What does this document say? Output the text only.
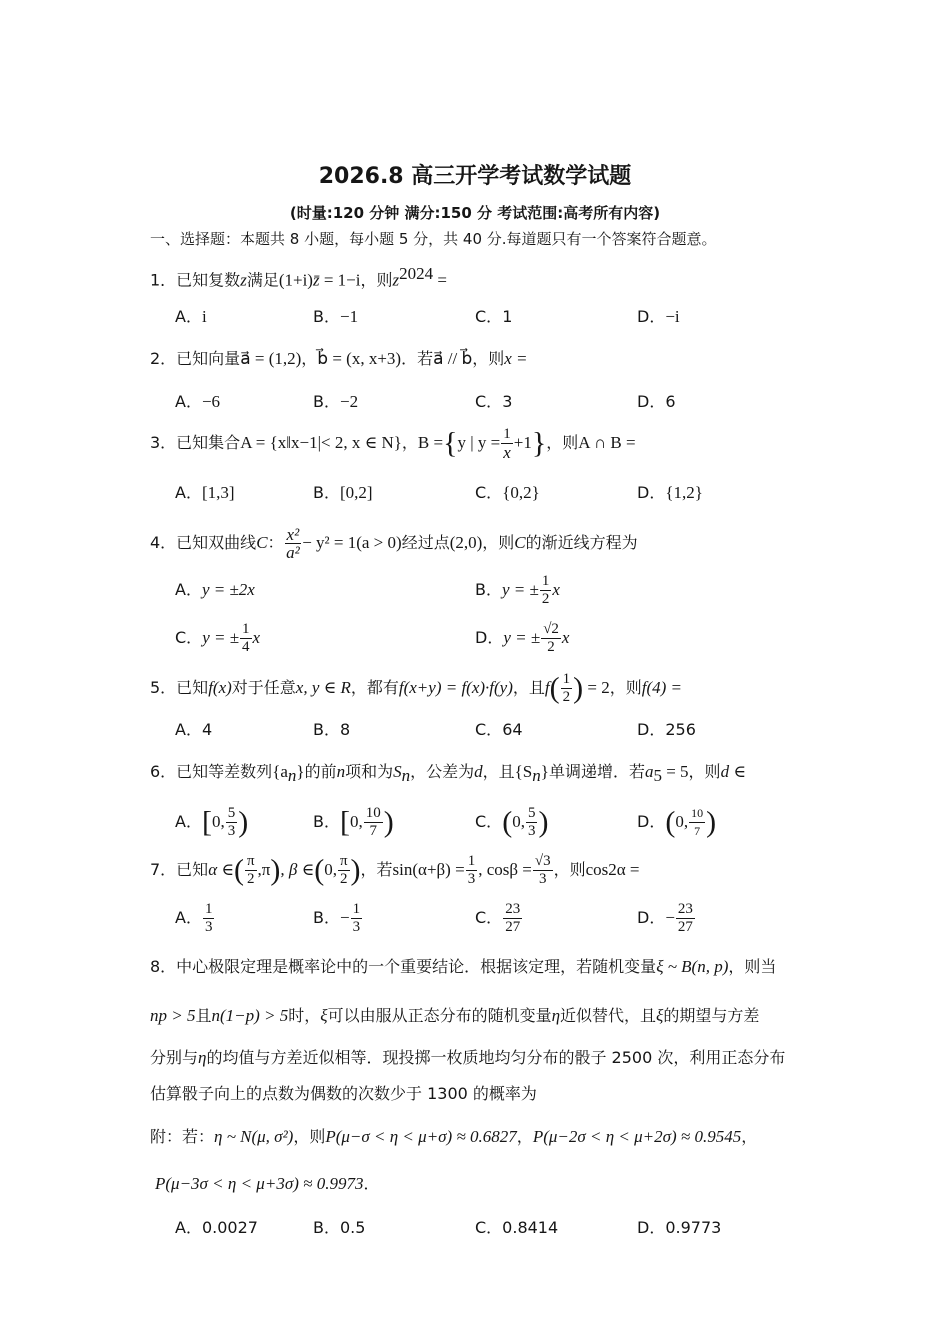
2026.8 高三开学考试数学试题
(时量:120 分钟 满分:150 分 考试范围:高考所有内容)
一、选择题：本题共 8 小题，每小题 5 分，共 40 分.每道题只有一个答案符合题意。
1．已知复数z满足(1+i)z̄ = 1−i，则$z^{2024}$ =
A．i	B．−1	C．1	D．−i
2．已知向量a⃗ = (1,2)，b⃗ = (x, x+3)．若a⃗ // b⃗，则x =
A．−6	B．−2	C．3	D．6
3．已知集合A = {x‖x−1|< 2, x ∈ N}，B ={y | $y = \frac{1}{x} +1$}，则A ∩ B =
A．[1,3]	B．[0,2]	C．{0,2}	D．{1,2}
4．已知双曲线C： $\frac{\text{x²}}{\text{a²}} - y^2 = 1(a > 0)$经过点(2,0)，则C的渐近线方程为
A．y = ±2x	B．y = ± $\frac{1}{2}$ x
C．y = ± $\frac{1}{4}$ x	D．y = ± $\frac{√2}{2}$ x
5．已知f(x)对于任意x, y ∈ R，都有f(x+y) = f(x)·f(y)，且$f( \frac{1}{2}$ ) = 2，则f(4) =
A．4	B．8	C．64	D．256
6．已知等差数列$\{a_n\}$的前n项和为$S_n$，公差为d，且$\{S_n\}$单调递增．若$a_5 = 5$，则d ∈
A．[0, $\frac{5}{3}$ )	B．[0, $\frac{10}{7}$ )	C．(0, $\frac{5}{3}$ )	D．(0, $\frac{10}{7}$ )
7．已知α ∈( $\frac{\pi}{2} ,\pi$), β ∈(0, $\frac{\pi}{2}$ )，若$\sin(\alpha+\beta) = \frac{1}{3}$ , $\cos\beta = \frac{√3}{3}$ ，则cos2α =
A． $\frac{1}{3}$	B．− $\frac{1}{3}$	C． $\frac{23}{27}$	D．− $\frac{23}{27}$
8．中心极限定理是概率论中的一个重要结论．根据该定理，若随机变量ξ ~ B(n, p)，则当
np > 5且n(1−p) > 5时，ξ可以由服从正态分布的随机变量η近似替代，且ξ的期望与方差
分别与η的均值与方差近似相等．现投掷一枚质地均匀分布的骰子 2500 次，利用正态分布
估算骰子向上的点数为偶数的次数少于 1300 的概率为
附：若：η ~ N(μ, σ²)，则P(μ−σ < η < μ+σ) ≈ 0.6827，P(μ−2σ < η < μ+2σ) ≈ 0.9545，
P(μ−3σ < η < μ+3σ) ≈ 0.9973．
A．0.0027	B．0.5	C．0.8414	D．0.9773
